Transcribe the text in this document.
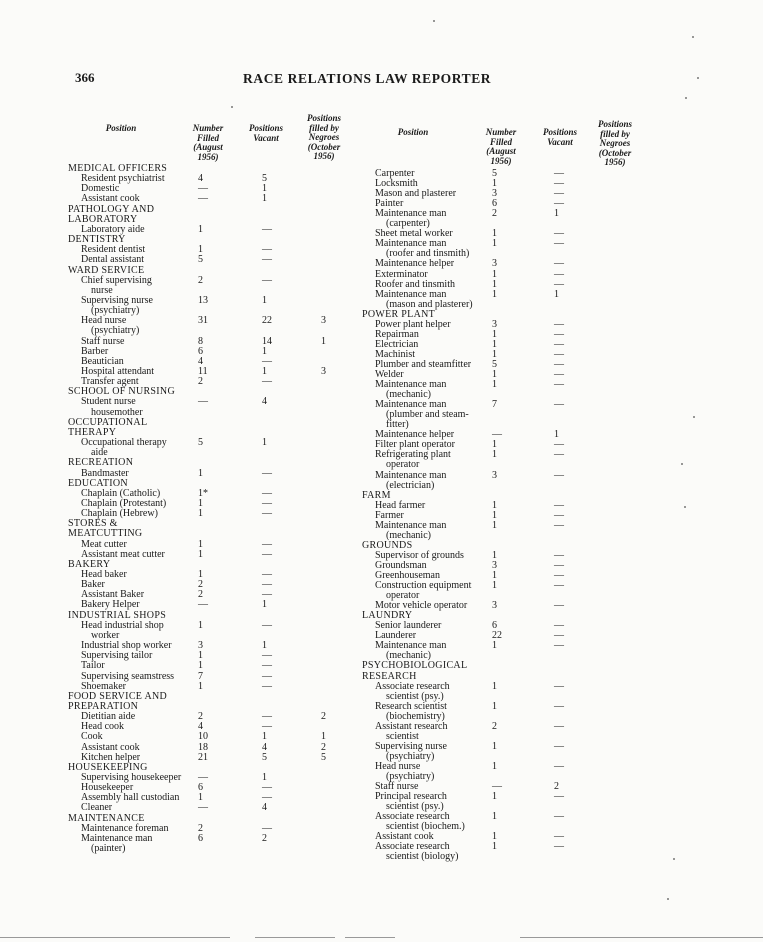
366	RACE RELATIONS LAW REPORTER
Position	Number Filled (August 1956)
Positions Vacant
Positions filled by Negroes (October 1956)
Position	Number Filled (August 1956)
Positions Vacant
Positions filled by Negroes (October 1956)
MEDICAL OFFICERS
Resident psychiatrist	4	5
Domestic	—	1
Assistant cook	—	1
PATHOLOGY AND
LABORATORY
Laboratory aide	1	—
DENTISTRY
Resident dentist	1	—
Dental assistant	5	—
WARD SERVICE
Chief supervising	2	—
nurse
Supervising nurse	13	1
(psychiatry)
Head nurse	31	22	3
(psychiatry)
Staff nurse	8	14	1
Barber	6	1
Beautician	4	—
Hospital attendant	11	1	3
Transfer agent	2	—
SCHOOL OF NURSING
Student nurse	—	4
housemother
OCCUPATIONAL
THERAPY
Occupational therapy	5	1
aide
RECREATION
Bandmaster	1	—
EDUCATION
Chaplain (Catholic)	1*	—
Chaplain (Protestant)	1	—
Chaplain (Hebrew)	1	—
STORES &
MEATCUTTING
Meat cutter	1	—
Assistant meat cutter	1	—
BAKERY
Head baker	1	—
Baker	2	—
Assistant Baker	2	—
Bakery Helper	—	1
INDUSTRIAL SHOPS
Head industrial shop	1	—
worker
Industrial shop worker	3	1
Supervising tailor	1	—
Tailor	1	—
Supervising seamstress 7	—
Shoemaker	1	—
FOOD SERVICE AND
PREPARATION
Dietitian aide	2	—	2
Head cook	4	—
Cook	10	1	1
Assistant cook	18	4	2
Kitchen helper	21	5	5
HOUSEKEEPING
Supervising housekeeper —	1
Housekeeper	6	—
Assembly hall custodian 1	—
Cleaner	—	4
MAINTENANCE
Maintenance foreman	2	—
Maintenance man	6	2
(painter)
Carpenter	5	—
Locksmith	1	—
Mason and plasterer	3	—
Painter	6	—
Maintenance man	2	1
(carpenter)
Sheet metal worker	1	—
Maintenance man	1	—
(roofer and tinsmith)
Maintenance helper	3	—
Exterminator	1	—
Roofer and tinsmith	1	—
Maintenance man	1	1
(mason and plasterer)
POWER PLANT
Power plant helper	3	—
Repairman	1	—
Electrician	1	—
Machinist	1	—
Plumber and steamfitter 5	—
Welder	1	—
Maintenance man	1	—
(mechanic)
Maintenance man	7	—
(plumber and steam-
fitter)
Maintenance helper	—	1
Filter plant operator	1	—
Refrigerating plant	1	—
operator
Maintenance man	3	—
(electrician)
FARM
Head farmer	1	—
Farmer	1	—
Maintenance man	1	—
(mechanic)
GROUNDS
Supervisor of grounds	1	—
Groundsman	3	—
Greenhouseman	1	—
Construction equipment 1	—
operator
Motor vehicle operator 3	—
LAUNDRY
Senior launderer	6	—
Launderer	22	—
Maintenance man	1	—
(mechanic)
PSYCHOBIOLOGICAL
RESEARCH
Associate research	1	—
scientist (psy.)
Research scientist	1	—
(biochemistry)
Assistant research	2	—
scientist
Supervising nurse	1	—
(psychiatry)
Head nurse	1	—
(psychiatry)
Staff nurse	—	2
Principal research	1	—
scientist (psy.)
Associate research	1	—
scientist (biochem.)
Assistant cook	1	—
Associate research	1	—
scientist (biology)
